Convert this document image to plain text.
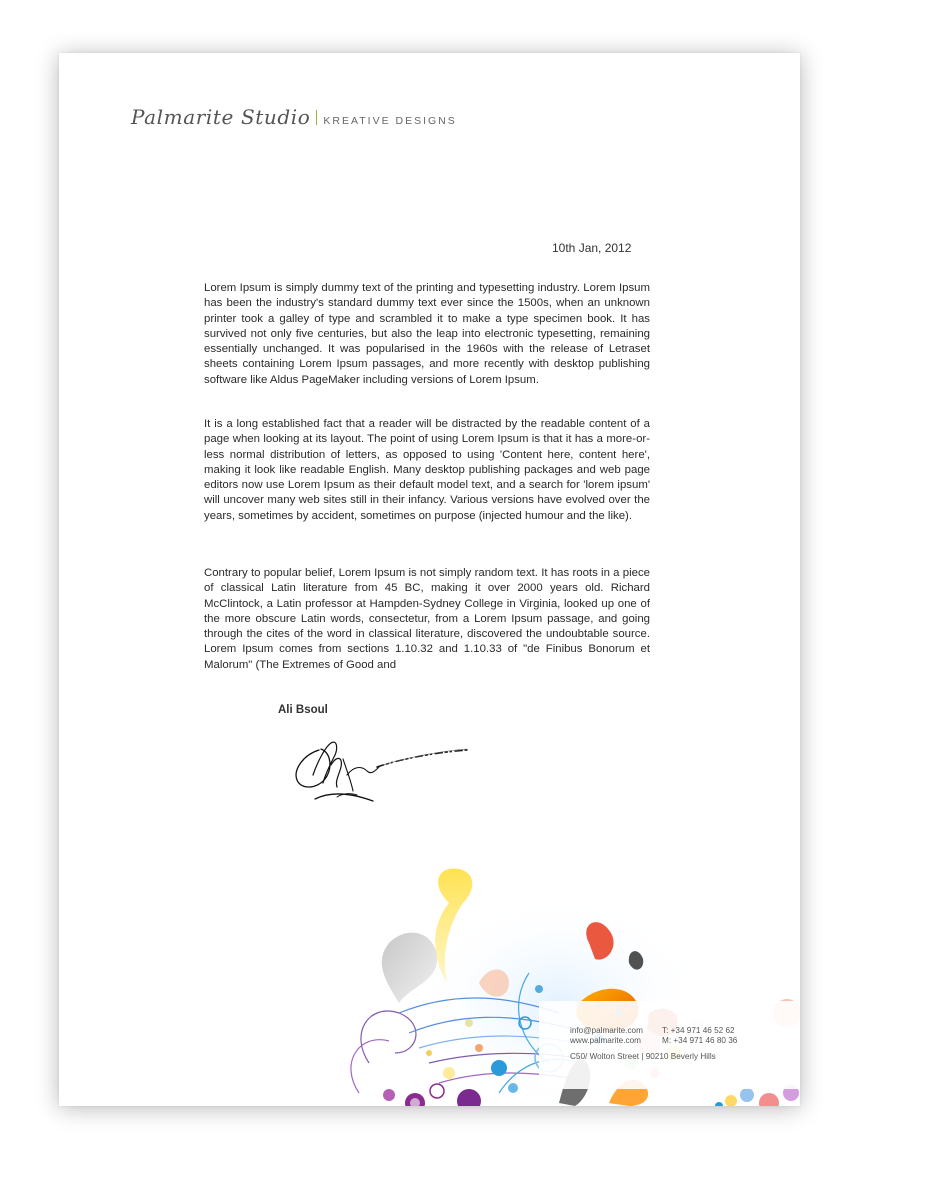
Palmarite Studio KREATIVE DESIGNS
10th Jan, 2012

Lorem Ipsum is simply dummy text of the printing and typesetting industry. Lorem Ipsum has been the industry's standard dummy text ever since the 1500s, when an unknown printer took a galley of type and scrambled it to make a type specimen book. It has survived not only five centuries, but also the leap into electronic typesetting, remaining essentially unchanged. It was popularised in the 1960s with the release of Letraset sheets containing Lorem Ipsum passages, and more recently with desktop publishing software like Aldus PageMaker including versions of Lorem Ipsum.

It is a long established fact that a reader will be distracted by the readable content of a page when looking at its layout. The point of using Lorem Ipsum is that it has a more-or-less normal distribution of letters, as opposed to using 'Content here, content here', making it look like readable English. Many desktop publishing packages and web page editors now use Lorem Ipsum as their default model text, and a search for 'lorem ipsum' will uncover many web sites still in their infancy. Various versions have evolved over the years, sometimes by accident, sometimes on purpose (injected humour and the like).

Contrary to popular belief, Lorem Ipsum is not simply random text. It has roots in a piece of classical Latin literature from 45 BC, making it over 2000 years old. Richard McClintock, a Latin professor at Hampden-Sydney College in Virginia, looked up one of the more obscure Latin words, consectetur, from a Lorem Ipsum passage, and going through the cites of the word in classical literature, discovered the undoubtable source. Lorem Ipsum comes from sections 1.10.32 and 1.10.33 of "de Finibus Bonorum et Malorum" (The Extremes of Good and

Ali Bsoul
info@palmarite.com
www.palmarite.com
T: +34 971 46 52 62
M: +34 971 46 80 36
C50/ Wolton Street | 90210 Beverly Hills
